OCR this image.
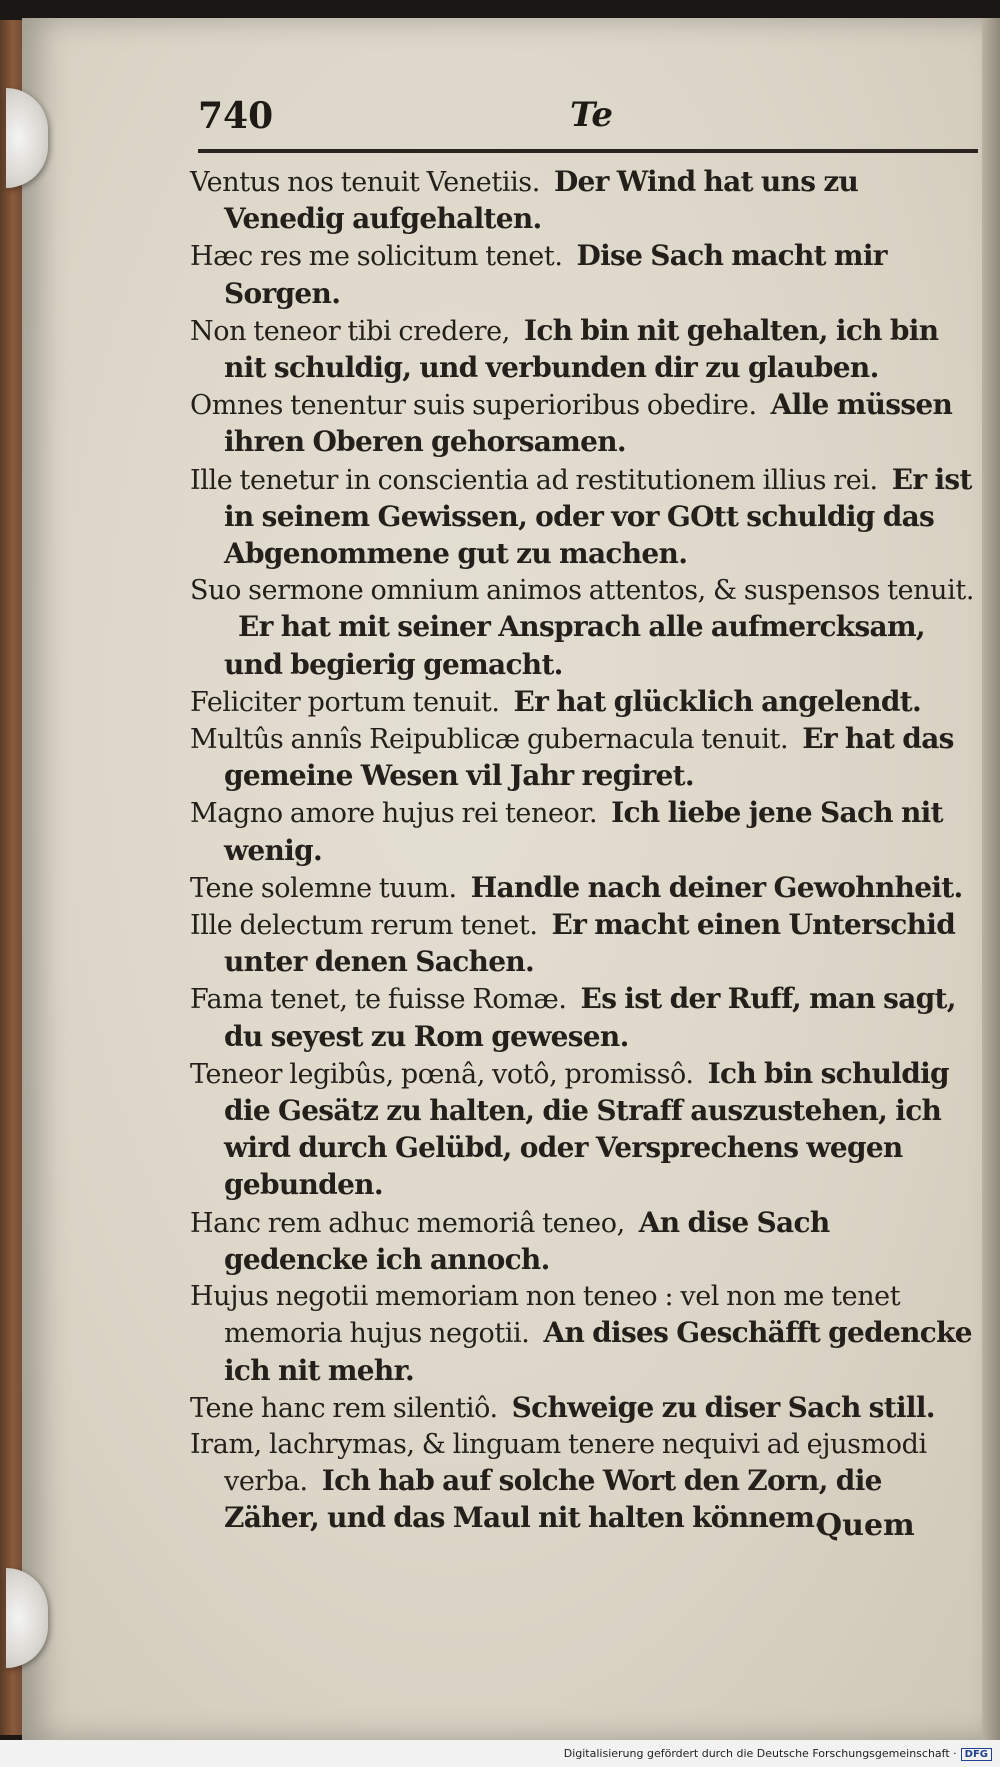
740	Te

Ventus nos tenuit Venetiis. Der Wind hat uns zu Venedig aufgehalten.

Hæc res me solicitum tenet. Dise Sach macht mir Sorgen.

Non teneor tibi credere, Ich bin nit gehalten, ich bin nit schuldig, und verbunden dir zu glauben.

Omnes tenentur suis superioribus obedire. Alle müssen ihren Oberen gehorsamen.

Ille tenetur in conscientia ad restitutionem illius rei. Er ist in seinem Gewissen, oder vor GOtt schuldig das Abgenommene gut zu machen.

Suo sermone omnium animos attentos, & suspensos tenuit.Er hat mit seiner Ansprach alle aufmercksam, und begierig gemacht.

Feliciter portum tenuit. Er hat glücklich angelendt.

Multûs annîs Reipublicæ gubernacula tenuit. Er hat das gemeine Wesen vil Jahr regiret.

Magno amore hujus rei teneor. Ich liebe jene Sach nit wenig.

Tene solemne tuum. Handle nach deiner Gewohnheit.

Ille delectum rerum tenet. Er macht einen Unterschid unter denen Sachen.

Fama tenet, te fuisse Romæ. Es ist der Ruff, man sagt, du seyest zu Rom gewesen.

Teneor legibûs, pœnâ, votô, promissô. Ich bin schuldig die Gesätz zu halten, die Straff auszustehen, ich wird durch Gelübd, oder Versprechens wegen gebunden.

Hanc rem adhuc memoriâ teneo, An dise Sach gedencke ich annoch.

Hujus negotii memoriam non teneo : vel non me tenet memoria hujus negotii. An dises Geschäfft gedencke ich nit mehr.

Tene hanc rem silentiô. Schweige zu diser Sach still.

Iram, lachrymas, & linguam tenere nequivi ad ejusmodi verba. Ich hab auf solche Wort den Zorn, die Zäher, und das Maul nit halten könnem.

Quem
Digitalisierung gefördert durch die Deutsche Forschungsgemeinschaft · DFG
